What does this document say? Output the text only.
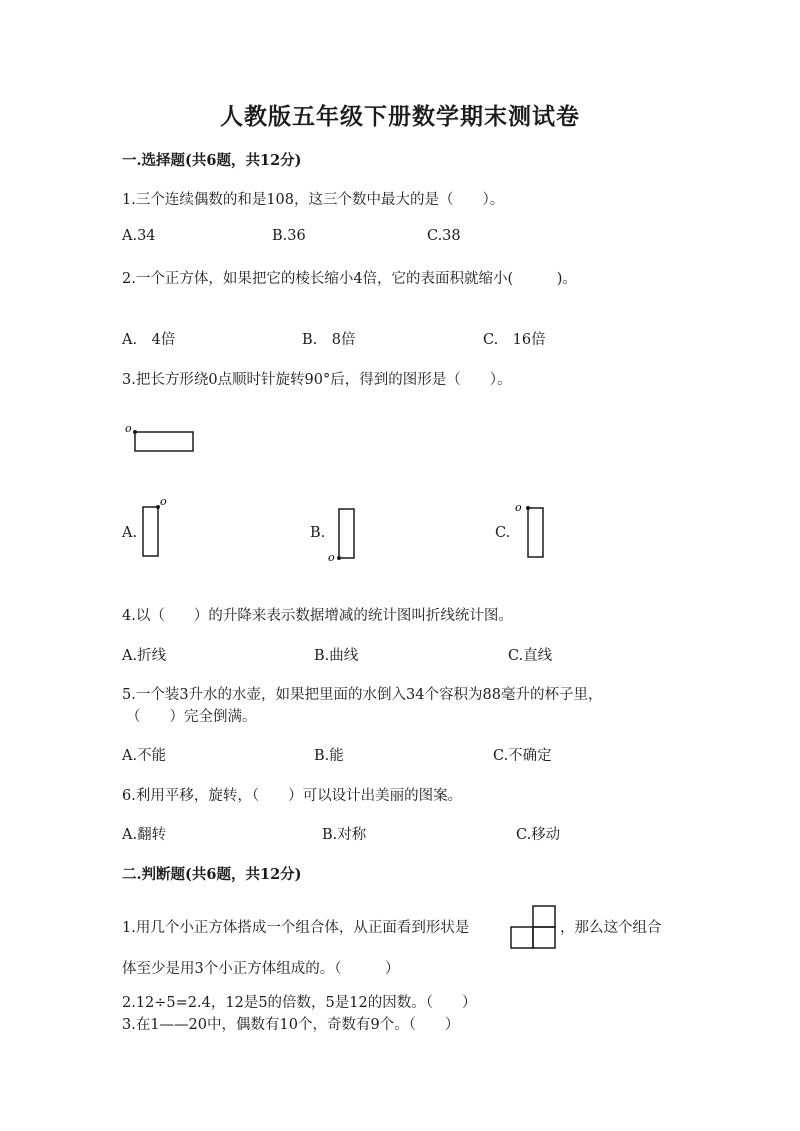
人教版五年级下册数学期末测试卷
一.选择题(共6题，共12分)
1.三个连续偶数的和是108，这三个数中最大的是（　　）。
A.34	B.36	C.38
2.一个正方体，如果把它的棱长缩小4倍，它的表面积就缩小(　　　)。
A.　4倍	B.　8倍	C.　16倍
3.把长方形绕0点顺时针旋转90°后，得到的图形是（　　）。
o
A.
o
B.
o
C.
o
4.以（　　）的升降来表示数据增减的统计图叫折线统计图。
A.折线	B.曲线	C.直线
5.一个装3升水的水壶，如果把里面的水倒入34个容积为88毫升的杯子里，
（　　）完全倒满。
A.不能	B.能	C.不确定
6.利用平移，旋转，（　　）可以设计出美丽的图案。
A.翻转	B.对称	C.移动
二.判断题(共6题，共12分)
1.用几个小正方体搭成一个组合体，从正面看到形状是	，那么这个组合
体至少是用3个小正方体组成的。（　　　）
2.12÷5=2.4，12是5的倍数，5是12的因数。（　　）
3.在1——20中，偶数有10个，奇数有9个。（　　）
